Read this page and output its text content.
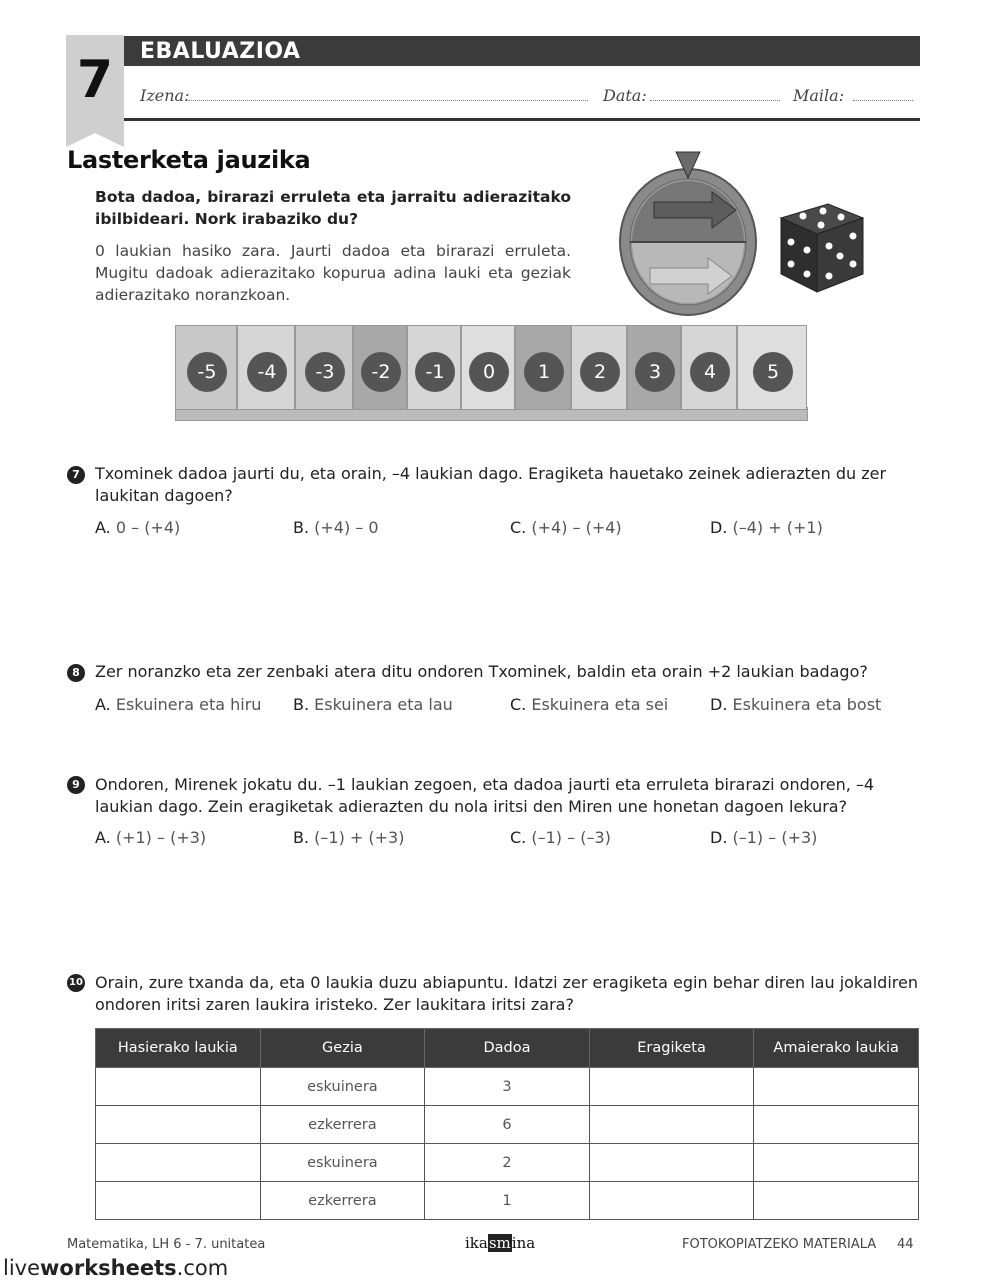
7	EBALUAZIOA
Izena:	Data:	Maila:
Lasterketa jauzika
Bota dadoa, birarazi erruleta eta jarraitu adierazitako ibilbideari. Nork irabaziko du?
0 laukian hasiko zara. Jaurti dadoa eta birarazi erruleta. Mugitu dadoak adierazitako kopurua adina lauki eta geziak adierazitako noranzkoan.
-5	-4	-3	-2	-1	0	1	2	3	4	5
7 Txominek dadoa jaurti du, eta orain, –4 laukian dago. Eragiketa hauetako zeinek adierazten du zer laukitan dagoen?
A. 0 – (+4)	B. (+4) – 0	C. (+4) – (+4)	D. (–4) + (+1)
8 Zer noranzko eta zer zenbaki atera ditu ondoren Txominek, baldin eta orain +2 laukian badago?
A. Eskuinera eta hiru B. Eskuinera eta lau	C. Eskuinera eta sei	D. Eskuinera eta bost
9 Ondoren, Mirenek jokatu du. –1 laukian zegoen, eta dadoa jaurti eta erruleta birarazi ondoren, –4 laukian dago. Zein eragiketak adierazten du nola iritsi den Miren une honetan dagoen lekura?
A. (+1) – (+3)	B. (–1) + (+3)	C. (–1) – (–3)	D. (–1) – (+3)
10 Orain, zure txanda da, eta 0 laukia duzu abiapuntu. Idatzi zer eragiketa egin behar diren lau jokaldiren ondoren iritsi zaren laukira iristeko. Zer laukitara iritsi zara?
Hasierako laukia	Gezia	Dadoa	Eragiketa	Amaierako laukia
	eskuinera	3		
	ezkerrera	6		
	eskuinera	2		
	ezkerrera	1		
Matematika, LH 6 - 7. unitatea	ikasmina	FOTOKOPIATZEKO MATERIALA 44
liveworksheets.com
